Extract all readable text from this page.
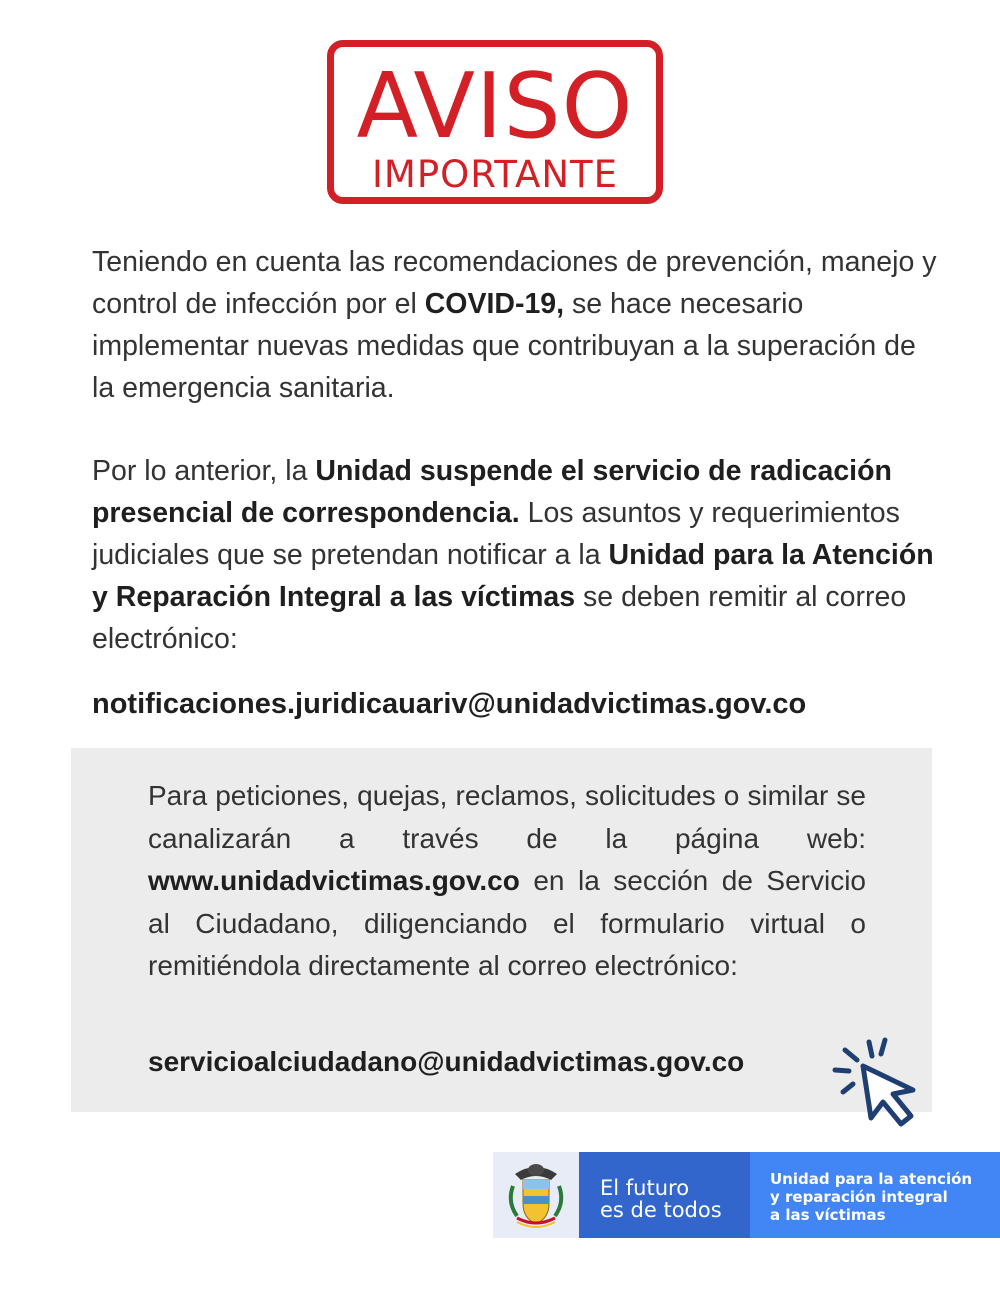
AVISO
IMPORTANTE
Teniendo en cuenta las recomendaciones de prevención, manejo y control de infección por el COVID-19, se hace necesario implementar nuevas medidas que contribuyan a la superación de la emergencia sanitaria.
Por lo anterior, la Unidad suspende el servicio de radicación presencial de correspondencia. Los asuntos y requerimientos judiciales que se pretendan notificar a la Unidad para la Atención y Reparación Integral a las víctimas se deben remitir al correo electrónico:
notificaciones.juridicauariv@unidadvictimas.gov.co
Para peticiones, quejas, reclamos, solicitudes o similar se canalizarán a través de la página web: www.unidadvictimas.gov.co en la sección de Servicio al Ciudadano, diligenciando el formulario virtual o remitiéndola directamente al correo electrónico:
servicioalciudadano@unidadvictimas.gov.co
El futuro
es de todos
Unidad para la atención
y reparación integral
a las víctimas
